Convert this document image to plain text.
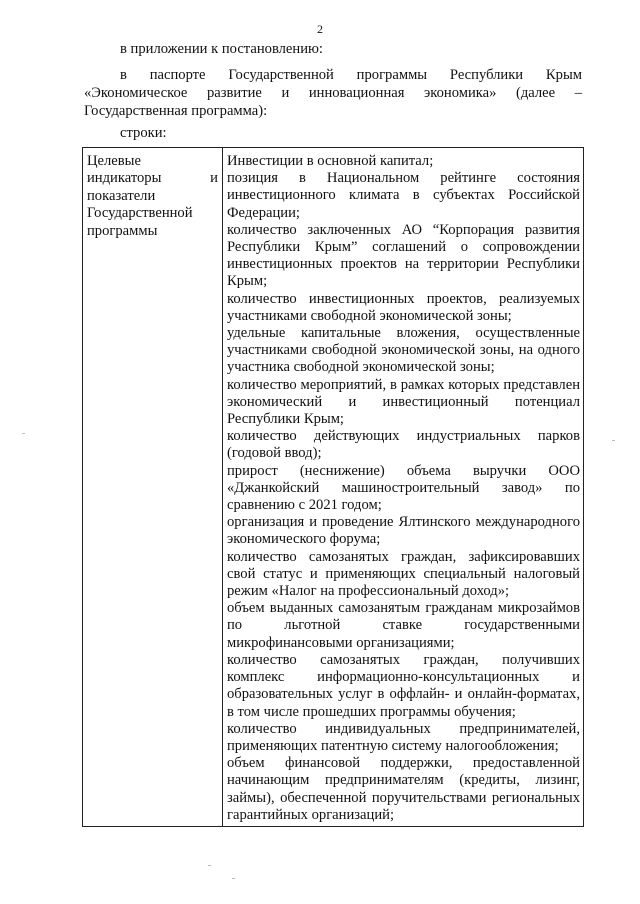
2
в приложении к постановлению:
в паспорте Государственной программы Республики Крым «Экономическое развитие и инновационная экономика» (далее – Государственная программа):
строки:
Целевые
индикаторы и
показатели
Государственной
программы
Инвестиции в основной капитал;
позиция в Национальном рейтинге состояния инвестиционного климата в субъектах Российской Федерации;
количество заключенных АО “Корпорация развития Республики Крым” соглашений о сопровождении инвестиционных проектов на территории Республики Крым;
количество инвестиционных проектов, реализуемых участниками свободной экономической зоны;
удельные капитальные вложения, осуществленные участниками свободной экономической зоны, на одного участника свободной экономической зоны;
количество мероприятий, в рамках которых представлен экономический и инвестиционный потенциал Республики Крым;
количество действующих индустриальных парков (годовой ввод);
прирост (неснижение) объема выручки ООО «Джанкойский машиностроительный завод» по сравнению с 2021 годом;
организация и проведение Ялтинского международного экономического форума;
количество самозанятых граждан, зафиксировавших свой статус и применяющих специальный налоговый режим «Налог на профессиональный доход»;
объем выданных самозанятым гражданам микрозаймов по льготной ставке государственными микрофинансовыми организациями;
количество самозанятых граждан, получивших комплекс информационно-консультационных и образовательных услуг в оффлайн- и онлайн-форматах, в том числе прошедших программы обучения;
количество индивидуальных предпринимателей, применяющих патентную систему налогообложения;
объем финансовой поддержки, предоставленной начинающим предпринимателям (кредиты, лизинг, займы), обеспеченной поручительствами региональных гарантийных организаций;
